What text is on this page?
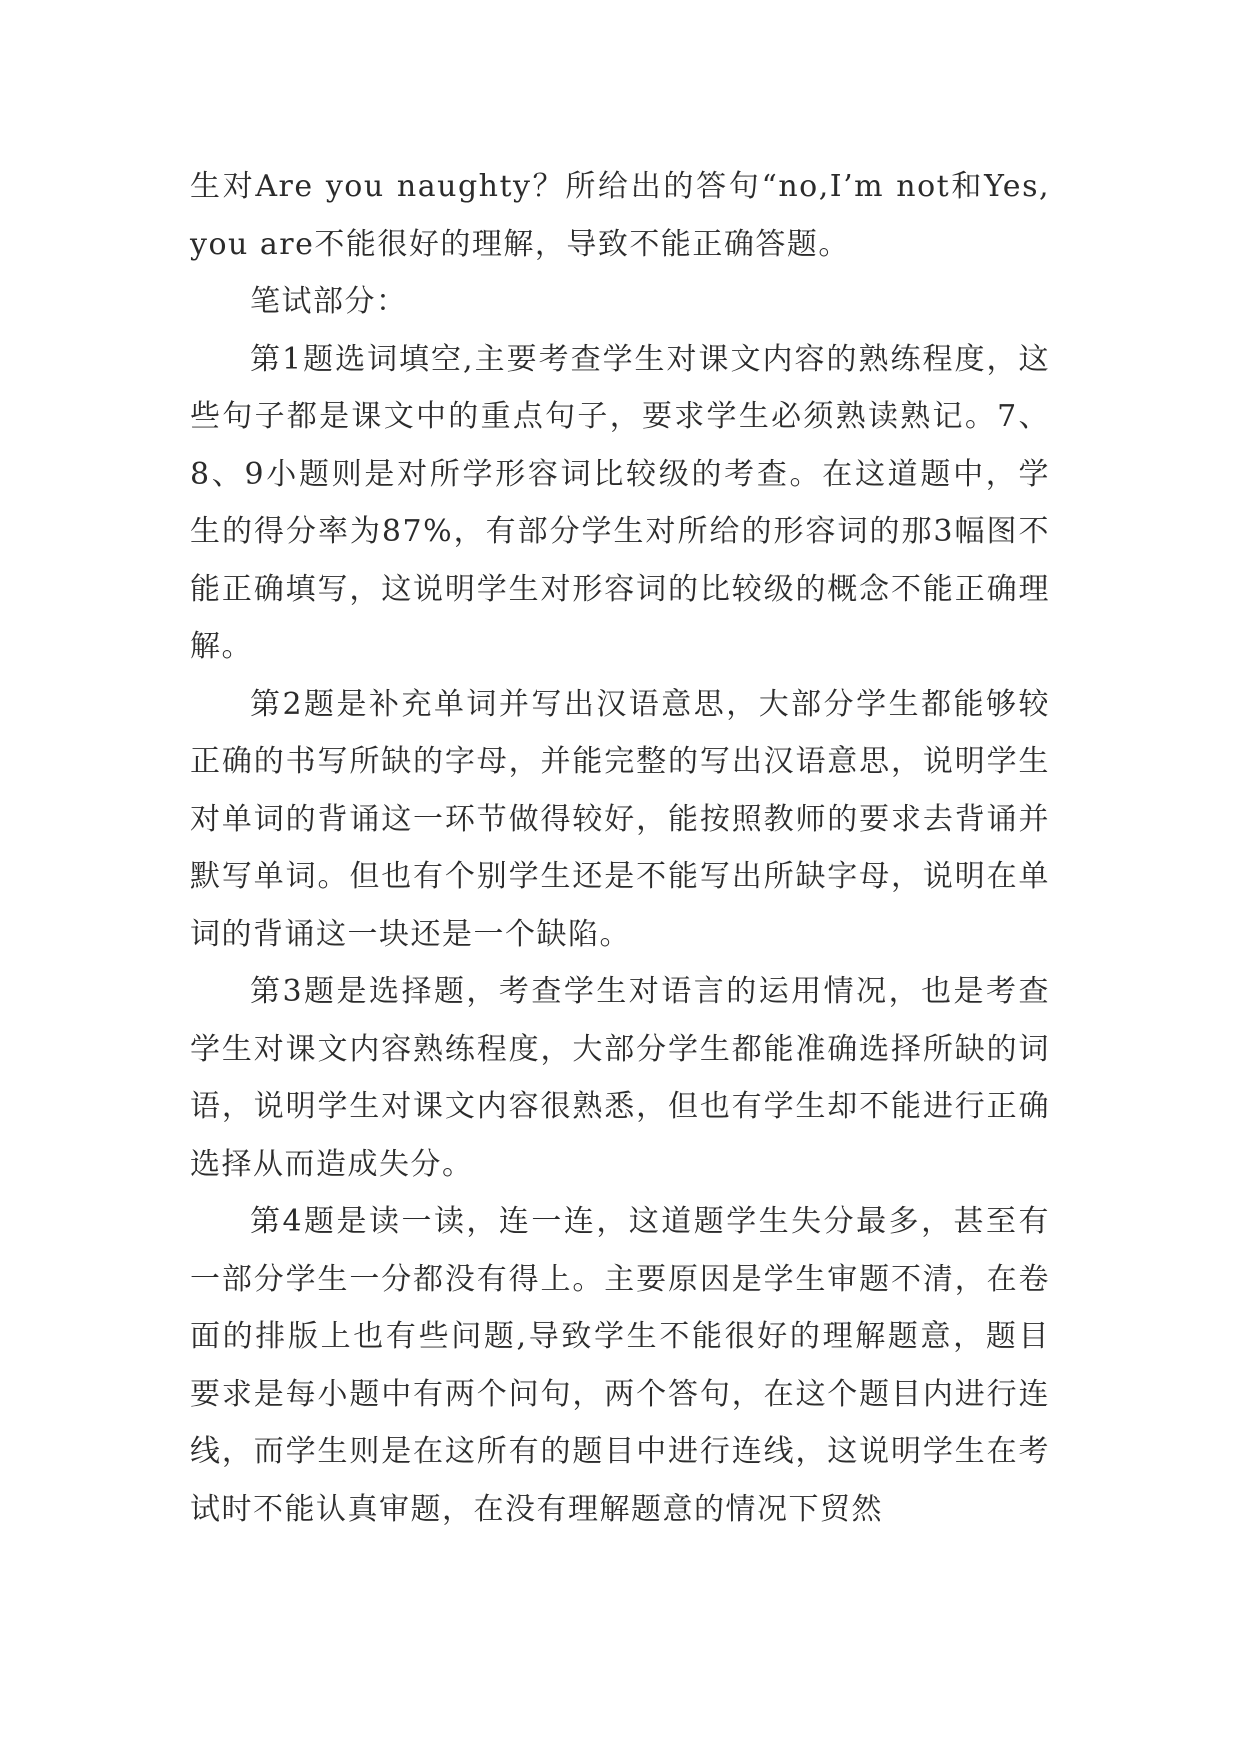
生对Are you naughty？所给出的答句“no,I’m not和Yes, you are不能很好的理解，导致不能正确答题。

笔试部分：

第1题选词填空,主要考查学生对课文内容的熟练程度，这些句子都是课文中的重点句子，要求学生必须熟读熟记。7、8、9小题则是对所学形容词比较级的考查。在这道题中，学生的得分率为87%，有部分学生对所给的形容词的那3幅图不能正确填写，这说明学生对形容词的比较级的概念不能正确理解。

第2题是补充单词并写出汉语意思，大部分学生都能够较正确的书写所缺的字母，并能完整的写出汉语意思，说明学生对单词的背诵这一环节做得较好，能按照教师的要求去背诵并默写单词。但也有个别学生还是不能写出所缺字母，说明在单词的背诵这一块还是一个缺陷。

第3题是选择题，考查学生对语言的运用情况，也是考查学生对课文内容熟练程度，大部分学生都能准确选择所缺的词语，说明学生对课文内容很熟悉，但也有学生却不能进行正确选择从而造成失分。

第4题是读一读，连一连，这道题学生失分最多，甚至有一部分学生一分都没有得上。主要原因是学生审题不清，在卷面的排版上也有些问题,导致学生不能很好的理解题意，题目要求是每小题中有两个问句，两个答句，在这个题目内进行连线，而学生则是在这所有的题目中进行连线，这说明学生在考试时不能认真审题，在没有理解题意的情况下贸然
